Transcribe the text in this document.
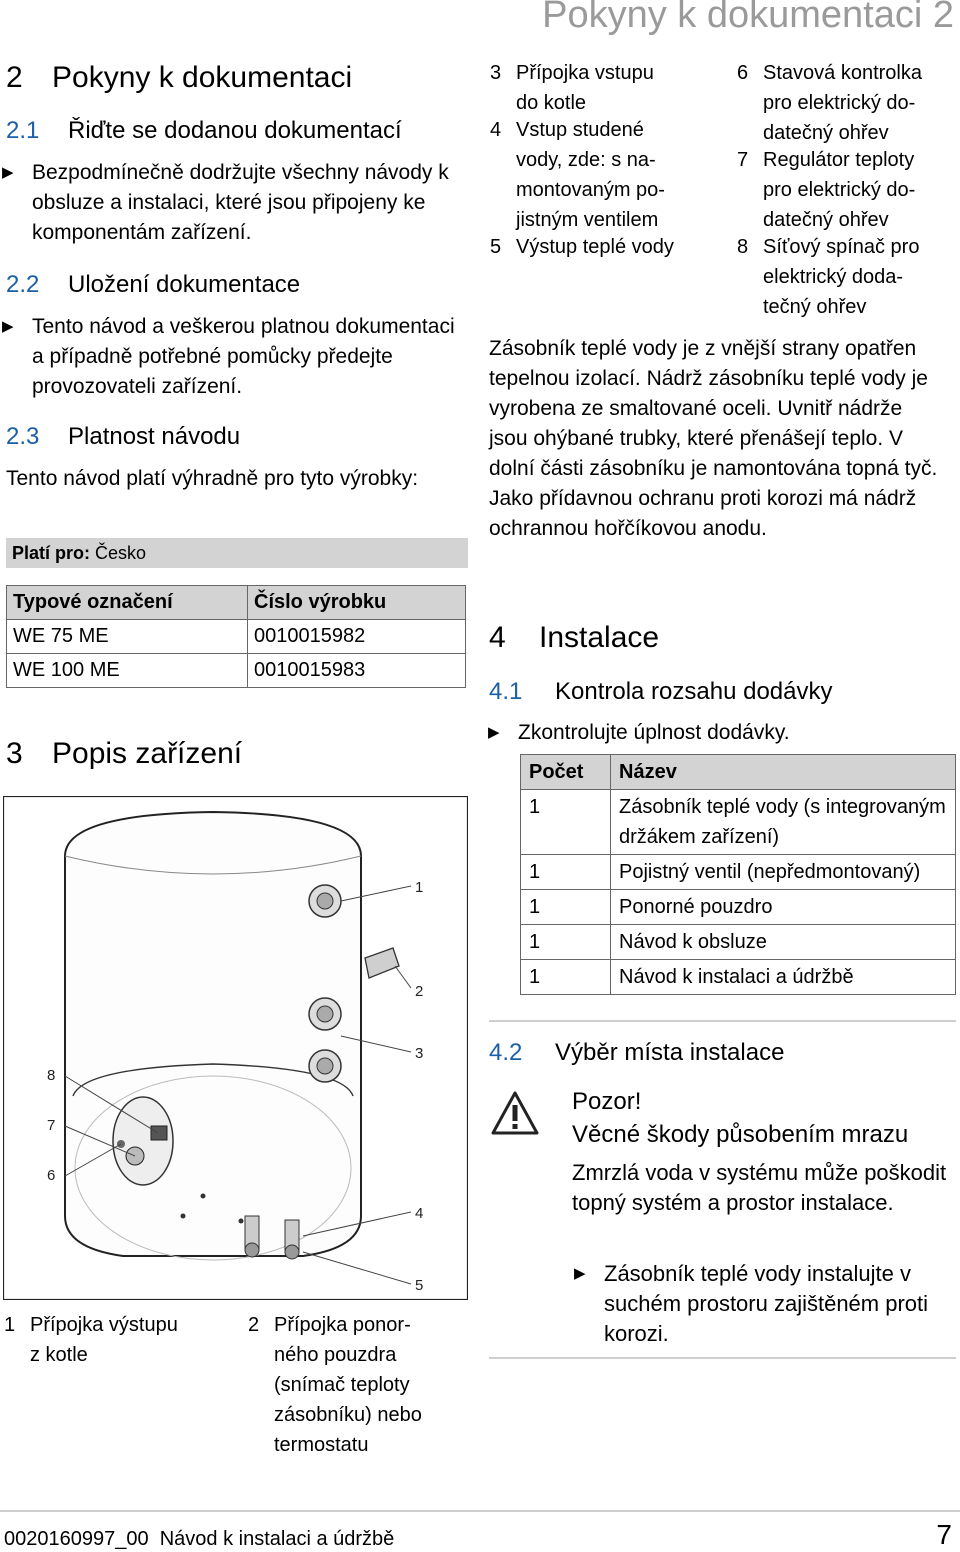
Pokyny k dokumentaci 2
2 Pokyny k dokumentaci
2.1 Řiďte se dodanou dokumentací
▶ Bezpodmínečně dodržujte všechny návody k obsluze a instalaci, které jsou připojeny ke komponentám zařízení.
2.2 Uložení dokumentace
▶ Tento návod a veškerou platnou dokumentaci a případně potřebné pomůcky předejte provozovateli zařízení.
2.3 Platnost návodu
Tento návod platí výhradně pro tyto výrobky:
Platí pro: Česko
Typové označení	Číslo výrobku
WE 75 ME	0010015982
WE 100 ME	0010015983
3 Popis zařízení
1
2
3
4
5
6
7
8
1 Přípojka výstupu
z kotle
2 Přípojka ponor-
ného pouzdra
(snímač teploty
zásobníku) nebo
termostatu
3 Přípojka vstupu
do kotle
4 Vstup studené
vody, zde: s na-
montovaným po-
jistným ventilem
5 Výstup teplé vody
6 Stavová kontrolka
pro elektrický do-
datečný ohřev
7 Regulátor teploty
pro elektrický do-
datečný ohřev
8 Síťový spínač pro
elektrický doda-
tečný ohřev
Zásobník teplé vody je z vnější strany opatřen tepelnou izolací. Nádrž zásobníku teplé vody je vyrobena ze smaltované oceli. Uvnitř nádrže jsou ohýbané trubky, které přenášejí teplo. V dolní části zásobníku je namontována topná tyč. Jako přídavnou ochranu proti korozi má nádrž ochrannou hořčíkovou anodu.
4 Instalace
4.1 Kontrola rozsahu dodávky
▶ Zkontrolujte úplnost dodávky.
Počet	Název
1	Zásobník teplé vody (s integrovaným držákem zařízení)
1	Pojistný ventil (nepředmontovaný)
1	Ponorné pouzdro
1	Návod k obsluze
1	Návod k instalaci a údržbě
4.2 Výběr místa instalace
Pozor!
Věcné škody působením mrazu
Zmrzlá voda v systému může poškodit topný systém a prostor instalace.
▶ Zásobník teplé vody instalujte v suchém prostoru zajištěném proti korozi.
0020160997_00 Návod k instalaci a údržbě	7
